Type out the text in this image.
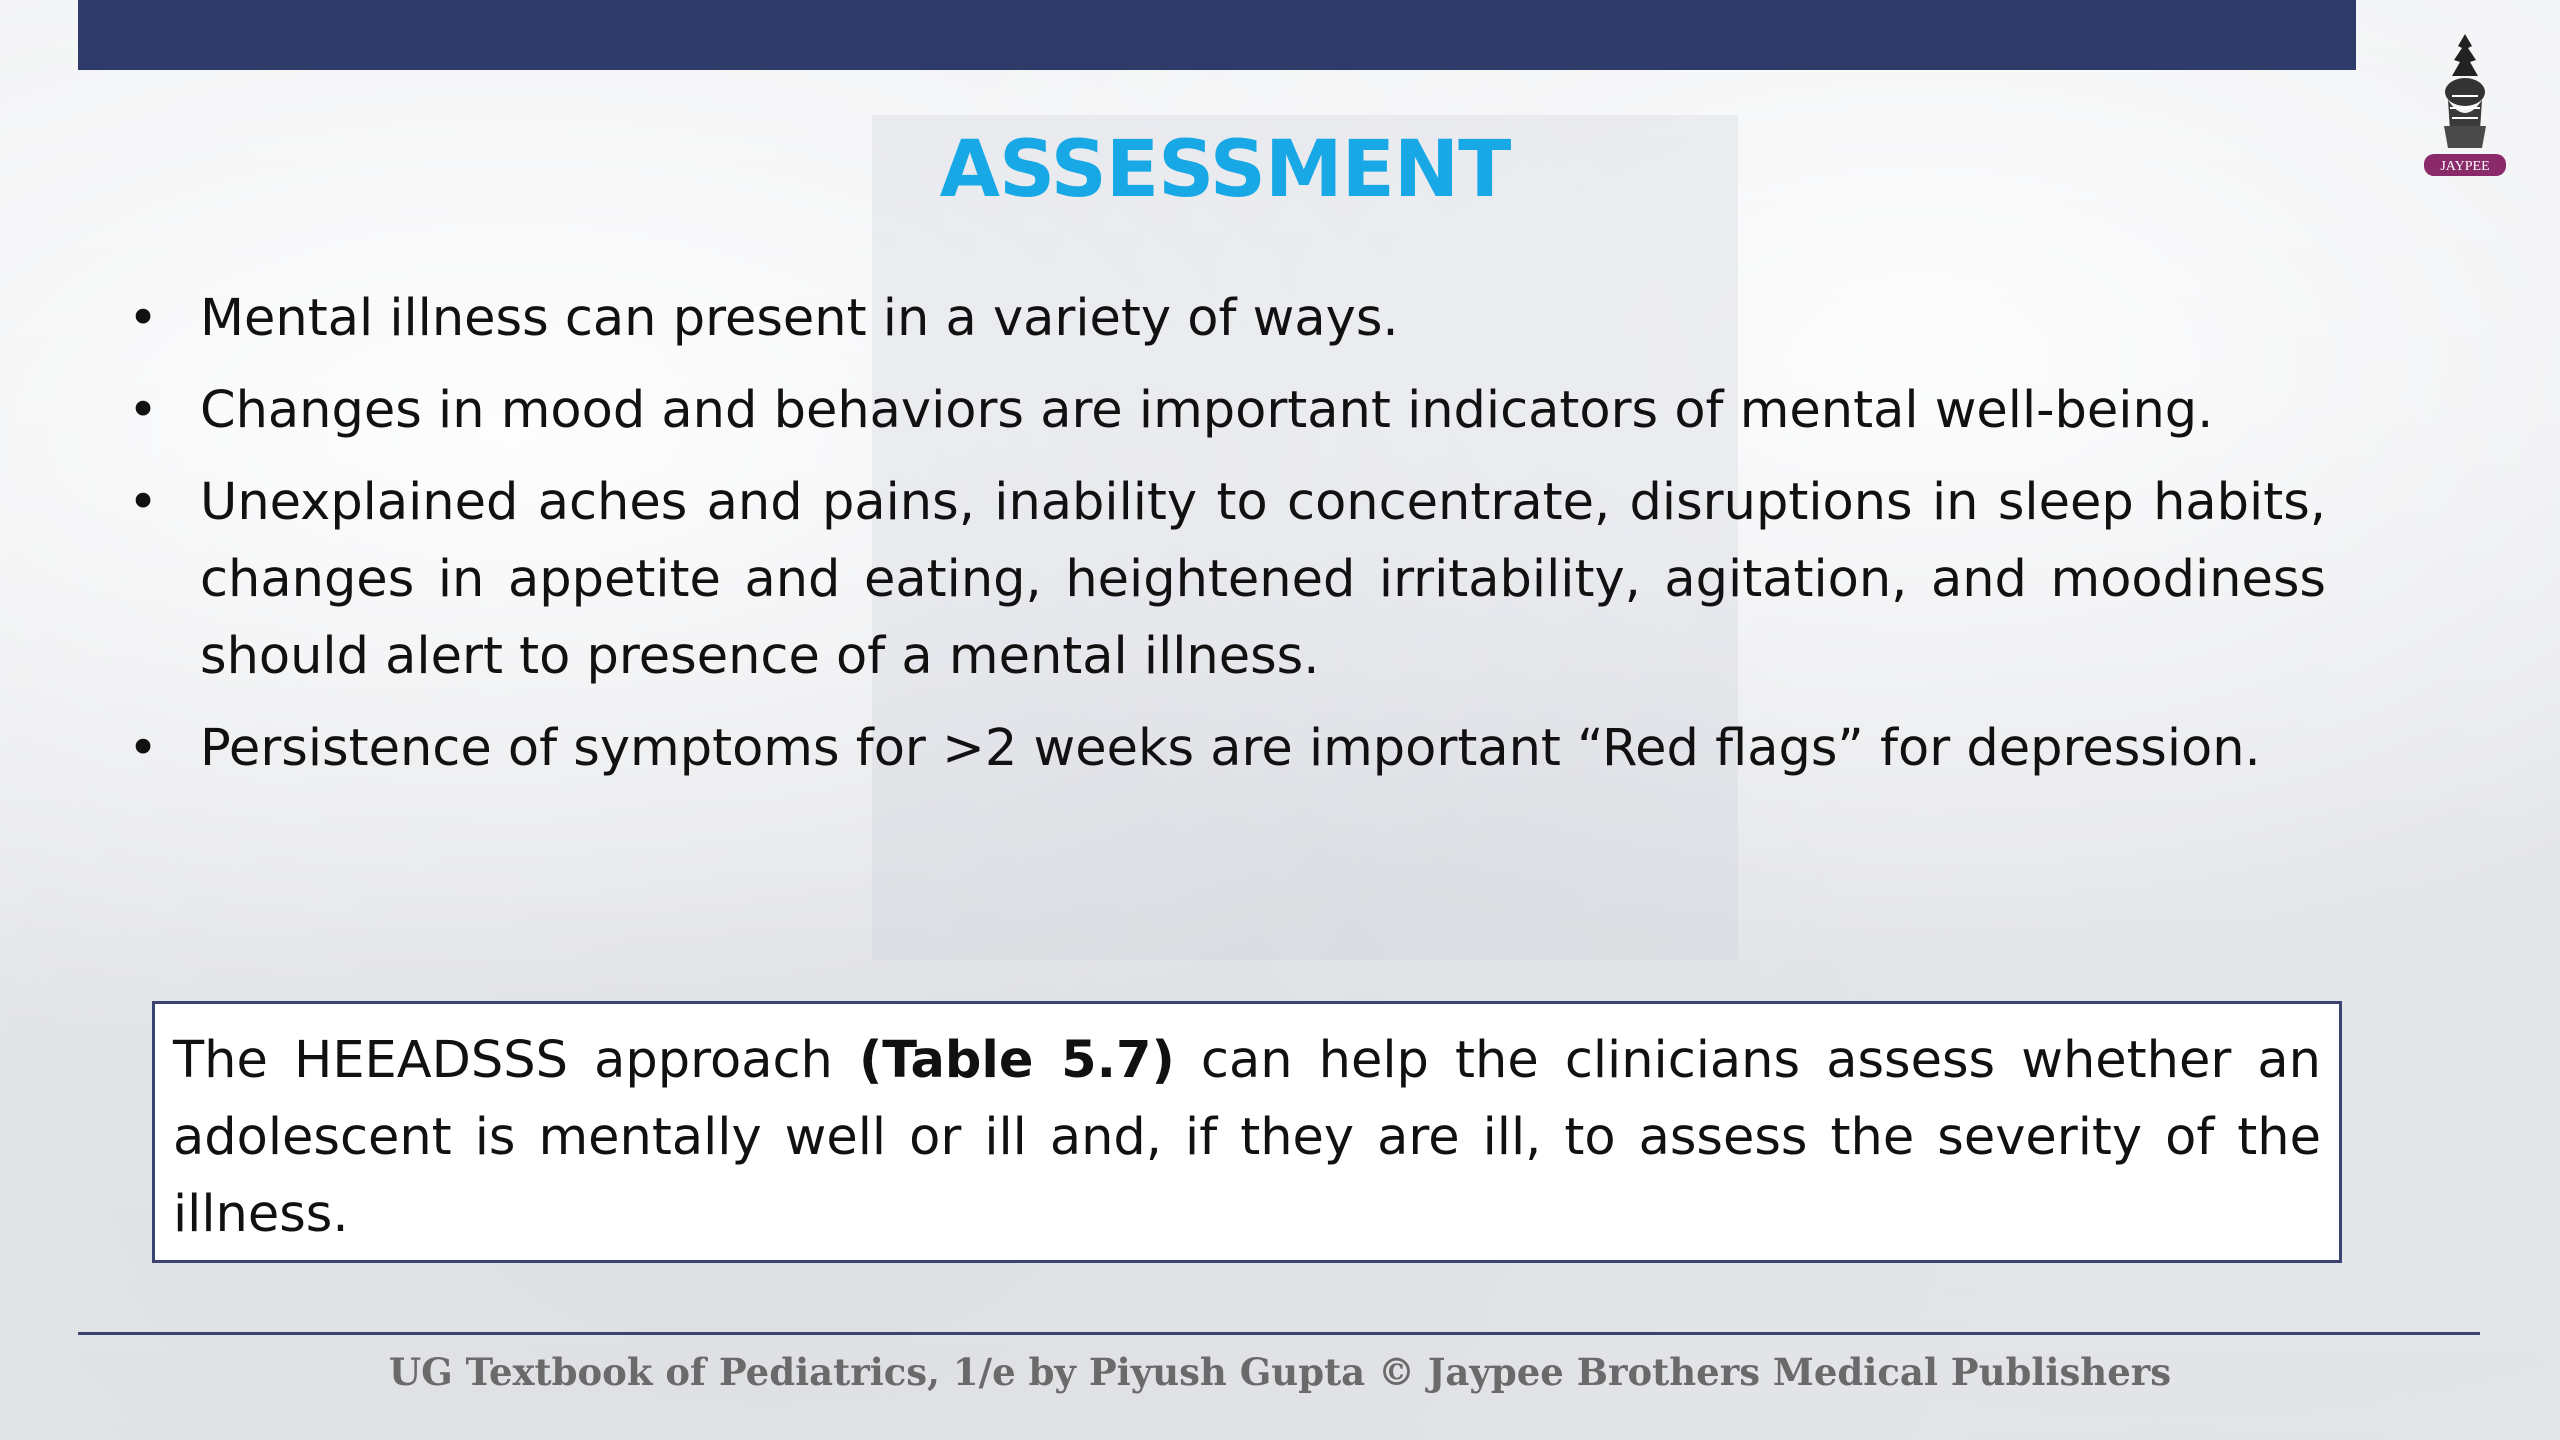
JAYPEE
ASSESSMENT
• Mental illness can present in a variety of ways.
• Changes in mood and behaviors are important indicators of mental well-being.
• Unexplained aches and pains, inability to concentrate, disruptions in sleep habits, changes in appetite and eating, heightened irritability, agitation, and moodiness should alert to presence of a mental illness.
• Persistence of symptoms for >2 weeks are important “Red flags” for depression.
The HEEADSSS approach (Table 5.7) can help the clinicians assess whether an adolescent is mentally well or ill and, if they are ill, to assess the severity of the illness.
UG Textbook of Pediatrics, 1/e by Piyush Gupta © Jaypee Brothers Medical Publishers
